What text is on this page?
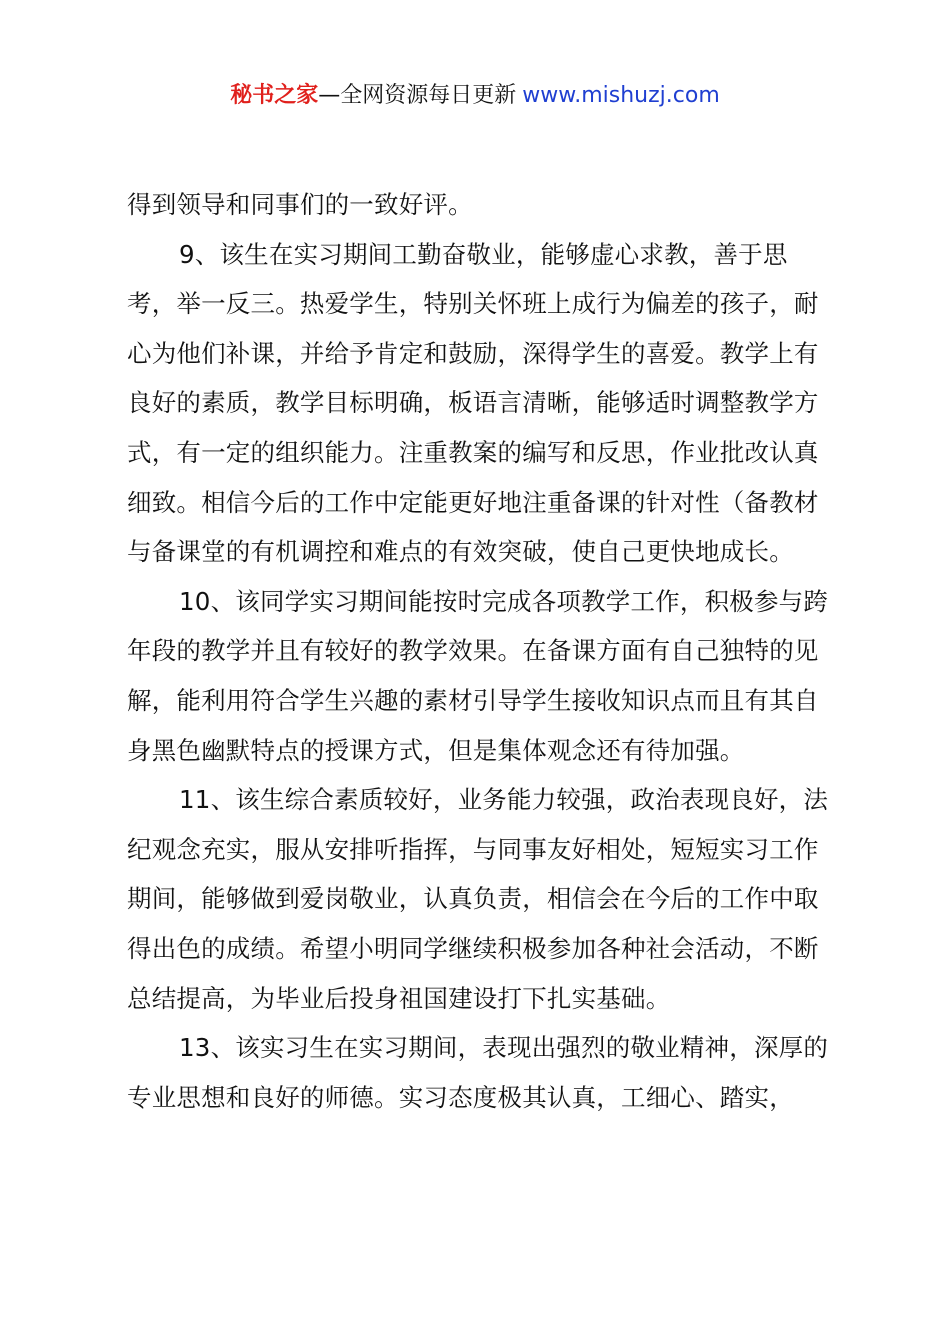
秘书之家—全网资源每日更新 www.mishuzj.com

得到领导和同事们的一致好评。

9、该生在实习期间工勤奋敬业，能够虚心求教，善于思考，举一反三。热爱学生，特别关怀班上成行为偏差的孩子，耐心为他们补课，并给予肯定和鼓励，深得学生的喜爱。教学上有良好的素质，教学目标明确，板语言清晰，能够适时调整教学方式，有一定的组织能力。注重教案的编写和反思，作业批改认真细致。相信今后的工作中定能更好地注重备课的针对性（备教材与备课堂的有机调控和难点的有效突破，使自己更快地成长。

10、该同学实习期间能按时完成各项教学工作，积极参与跨年段的教学并且有较好的教学效果。在备课方面有自己独特的见解，能利用符合学生兴趣的素材引导学生接收知识点而且有其自身黑色幽默特点的授课方式，但是集体观念还有待加强。

11、该生综合素质较好，业务能力较强，政治表现良好，法纪观念充实，服从安排听指挥，与同事友好相处，短短实习工作期间，能够做到爱岗敬业，认真负责，相信会在今后的工作中取得出色的成绩。希望小明同学继续积极参加各种社会活动，不断总结提高，为毕业后投身祖国建设打下扎实基础。

13、该实习生在实习期间，表现出强烈的敬业精神，深厚的专业思想和良好的师德。实习态度极其认真，工细心、踏实，
